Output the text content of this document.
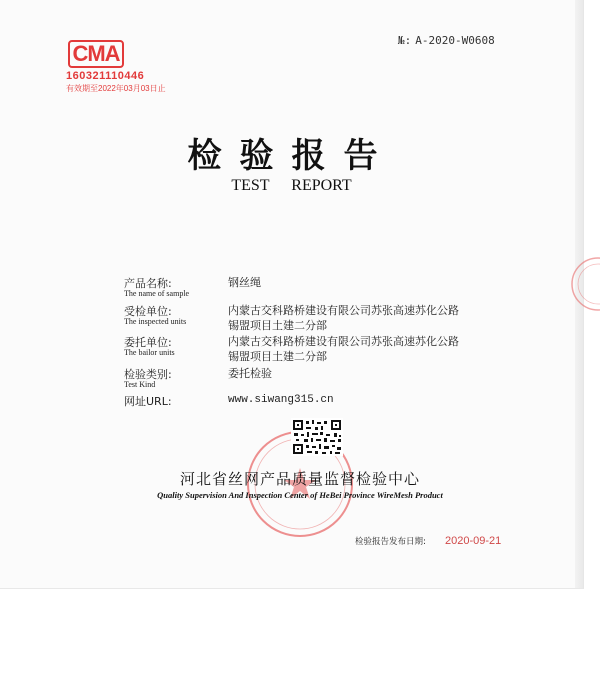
CMA
160321110446
有效期至2022年03月03日止
№: A-2020-W0608
检验报告
TEST REPORT
产品名称:
The name of sample
钢丝绳
受检单位:
The inspected units
内蒙古交科路桥建设有限公司苏张高速苏化公路
锡盟项目土建二分部
委托单位:
The bailor units
内蒙古交科路桥建设有限公司苏张高速苏化公路
锡盟项目土建二分部
检验类别:
Test Kind
委托检验
网址URL:	www.siwang315.cn
河北省丝网产品质量监督检验中心
Quality Supervision And Inspection Center of HeBei Province WireMesh Product
检验报告发布日期: 2020-09-21
